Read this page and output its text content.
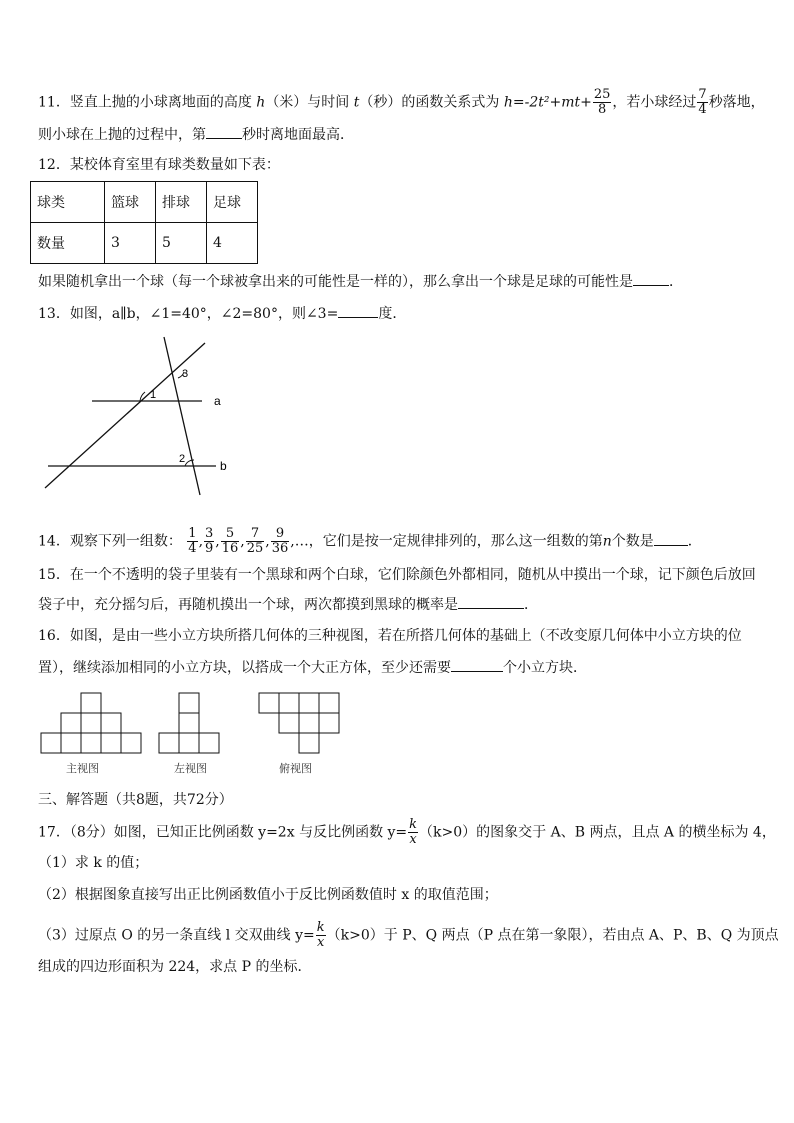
11．竖直上抛的小球离地面的高度 h（米）与时间 t（秒）的函数关系式为 $h=-2t^2+mt+ \frac{25}{8}$ ，若小球经过 $\frac{7}{4}$ 秒落地，
则小球在上抛的过程中，第	秒时离地面最高．
12．某校体育室里有球类数量如下表：
球类	篮球	排球	足球
数量	3	5	4
如果随机拿出一个球（每一个球被拿出来的可能性是一样的），那么拿出一个球是足球的可能性是	．
13．如图，a∥b，∠1=40°，∠2=80°，则∠3=	度．
1
3
2
a
b
14．观察下列一组数： $\frac{1}{4}$ , $\frac{3}{9}$ , $\frac{5}{16}$ , $\frac{7}{25}$ , $\frac{9}{36}$ ,…，它们是按一定规律排列的，那么这一组数的第n个数是 ．
15．在一个不透明的袋子里装有一个黑球和两个白球，它们除颜色外都相同，随机从中摸出一个球，记下颜色后放回
袋子中，充分摇匀后，再随机摸出一个球，两次都摸到黑球的概率是	．
16．如图，是由一些小立方块所搭几何体的三种视图，若在所搭几何体的基础上（不改变原几何体中小立方块的位
置），继续添加相同的小立方块，以搭成一个大正方体，至少还需要	个小立方块．
主视图	左视图	俯视图
三、解答题（共8题，共72分）
17．（8分）如图，已知正比例函数 y=2x 与反比例函数 $y= \frac{k}{x} (k>0)$的图象交于 A、B 两点，且点 A 的横坐标为 4，
（1）求 k 的值；
（2）根据图象直接写出正比例函数值小于反比例函数值时 x 的取值范围；
（3）过原点 O 的另一条直线 l 交双曲线 $y= \frac{k}{x} (k>0)$于 P、Q 两点（P 点在第一象限），若由点 A、P、B、Q 为顶点
组成的四边形面积为 224，求点 P 的坐标．
